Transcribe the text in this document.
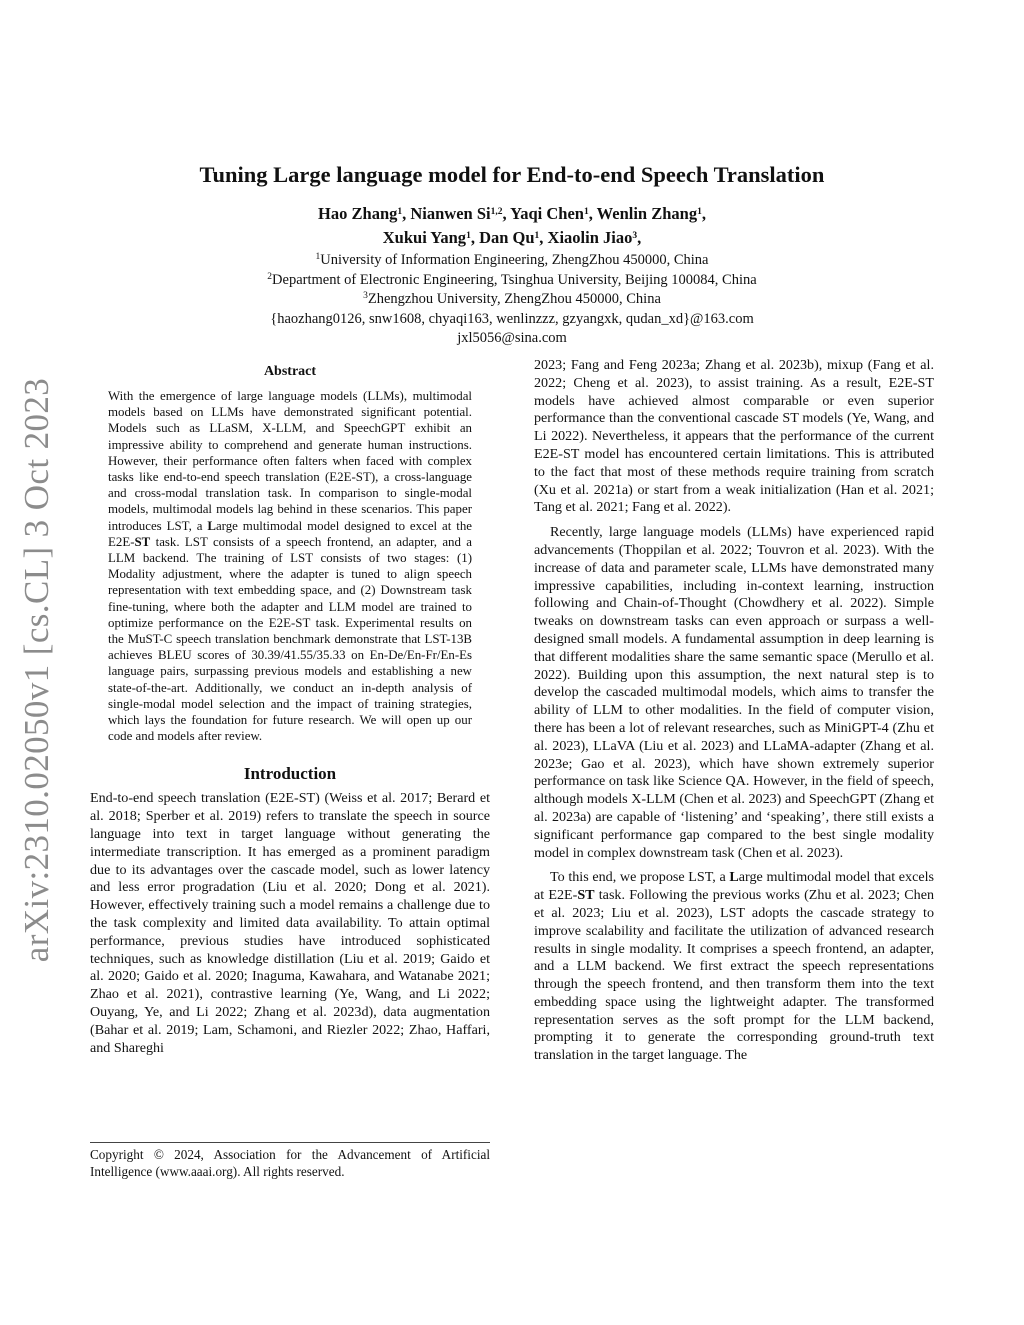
arXiv:2310.02050v1 [cs.CL] 3 Oct 2023
Tuning Large language model for End-to-end Speech Translation
Hao Zhang$^1$, Nianwen Si$^{1,2}$, Yaqi Chen$^1$, Wenlin Zhang$^1$,
Xukui Yang$^1$, Dan Qu$^1$, Xiaolin Jiao$^3$,
$^1$University of Information Engineering, ZhengZhou 450000, China
$^2$Department of Electronic Engineering, Tsinghua University, Beijing 100084, China
$^3$Zhengzhou University, ZhengZhou 450000, China
{haozhang0126, snw1608, chyaqi163, wenlinzzz, gzyangxk, qudan_xd}@163.com
jxl5056@sina.com
Abstract
With the emergence of large language models (LLMs), multimodal models based on LLMs have demonstrated significant potential. Models such as LLaSM, X-LLM, and SpeechGPT exhibit an impressive ability to comprehend and generate human instructions. However, their performance often falters when faced with complex tasks like end-to-end speech translation (E2E-ST), a cross-language and cross-modal translation task. In comparison to single-modal models, multimodal models lag behind in these scenarios. This paper introduces LST, a Large multimodal model designed to excel at the E2E-ST task. LST consists of a speech frontend, an adapter, and a LLM backend. The training of LST consists of two stages: (1) Modality adjustment, where the adapter is tuned to align speech representation with text embedding space, and (2) Downstream task fine-tuning, where both the adapter and LLM model are trained to optimize performance on the E2E-ST task. Experimental results on the MuST-C speech translation benchmark demonstrate that LST-13B achieves BLEU scores of 30.39/41.55/35.33 on En-De/En-Fr/En-Es language pairs, surpassing previous models and establishing a new state-of-the-art. Additionally, we conduct an in-depth analysis of single-modal model selection and the impact of training strategies, which lays the foundation for future research. We will open up our code and models after review.
Introduction

End-to-end speech translation (E2E-ST) (Weiss et al. 2017; Berard et al. 2018; Sperber et al. 2019) refers to translate the speech in source language into text in target language without generating the intermediate transcription. It has emerged as a prominent paradigm due to its advantages over the cascade model, such as lower latency and less error progradation (Liu et al. 2020; Dong et al. 2021). However, effectively training such a model remains a challenge due to the task complexity and limited data availability. To attain optimal performance, previous studies have introduced sophisticated techniques, such as knowledge distillation (Liu et al. 2019; Gaido et al. 2020; Gaido et al. 2020; Inaguma, Kawahara, and Watanabe 2021; Zhao et al. 2021), contrastive learning (Ye, Wang, and Li 2022; Ouyang, Ye, and Li 2022; Zhang et al. 2023d), data augmentation (Bahar et al. 2019; Lam, Schamoni, and Riezler 2022; Zhao, Haffari, and Shareghi

Copyright © 2024, Association for the Advancement of Artificial Intelligence (www.aaai.org). All rights reserved.

2023; Fang and Feng 2023a; Zhang et al. 2023b), mixup (Fang et al. 2022; Cheng et al. 2023), to assist training. As a result, E2E-ST models have achieved almost comparable or even superior performance than the conventional cascade ST models (Ye, Wang, and Li 2022). Nevertheless, it appears that the performance of the current E2E-ST model has encountered certain limitations. This is attributed to the fact that most of these methods require training from scratch (Xu et al. 2021a) or start from a weak initialization (Han et al. 2021; Tang et al. 2021; Fang et al. 2022).

Recently, large language models (LLMs) have experienced rapid advancements (Thoppilan et al. 2022; Touvron et al. 2023). With the increase of data and parameter scale, LLMs have demonstrated many impressive capabilities, including in-context learning, instruction following and Chain-of-Thought (Chowdhery et al. 2022). Simple tweaks on downstream tasks can even approach or surpass a well-designed small models. A fundamental assumption in deep learning is that different modalities share the same semantic space (Merullo et al. 2022). Building upon this assumption, the next natural step is to develop the cascaded multimodal models, which aims to transfer the ability of LLM to other modalities. In the field of computer vision, there has been a lot of relevant researches, such as MiniGPT-4 (Zhu et al. 2023), LLaVA (Liu et al. 2023) and LLaMA-adapter (Zhang et al. 2023e; Gao et al. 2023), which have shown extremely superior performance on task like Science QA. However, in the field of speech, although models X-LLM (Chen et al. 2023) and SpeechGPT (Zhang et al. 2023a) are capable of ‘listening’ and ‘speaking’, there still exists a significant performance gap compared to the best single modality model in complex downstream task (Chen et al. 2023).

To this end, we propose LST, a Large multimodal model that excels at E2E-ST task. Following the previous works (Zhu et al. 2023; Chen et al. 2023; Liu et al. 2023), LST adopts the cascade strategy to improve scalability and facilitate the utilization of advanced research results in single modality. It comprises a speech frontend, an adapter, and a LLM backend. We first extract the speech representations through the speech frontend, and then transform them into the text embedding space using the lightweight adapter. The transformed representation serves as the soft prompt for the LLM backend, prompting it to generate the corresponding ground-truth text translation in the target language. The
